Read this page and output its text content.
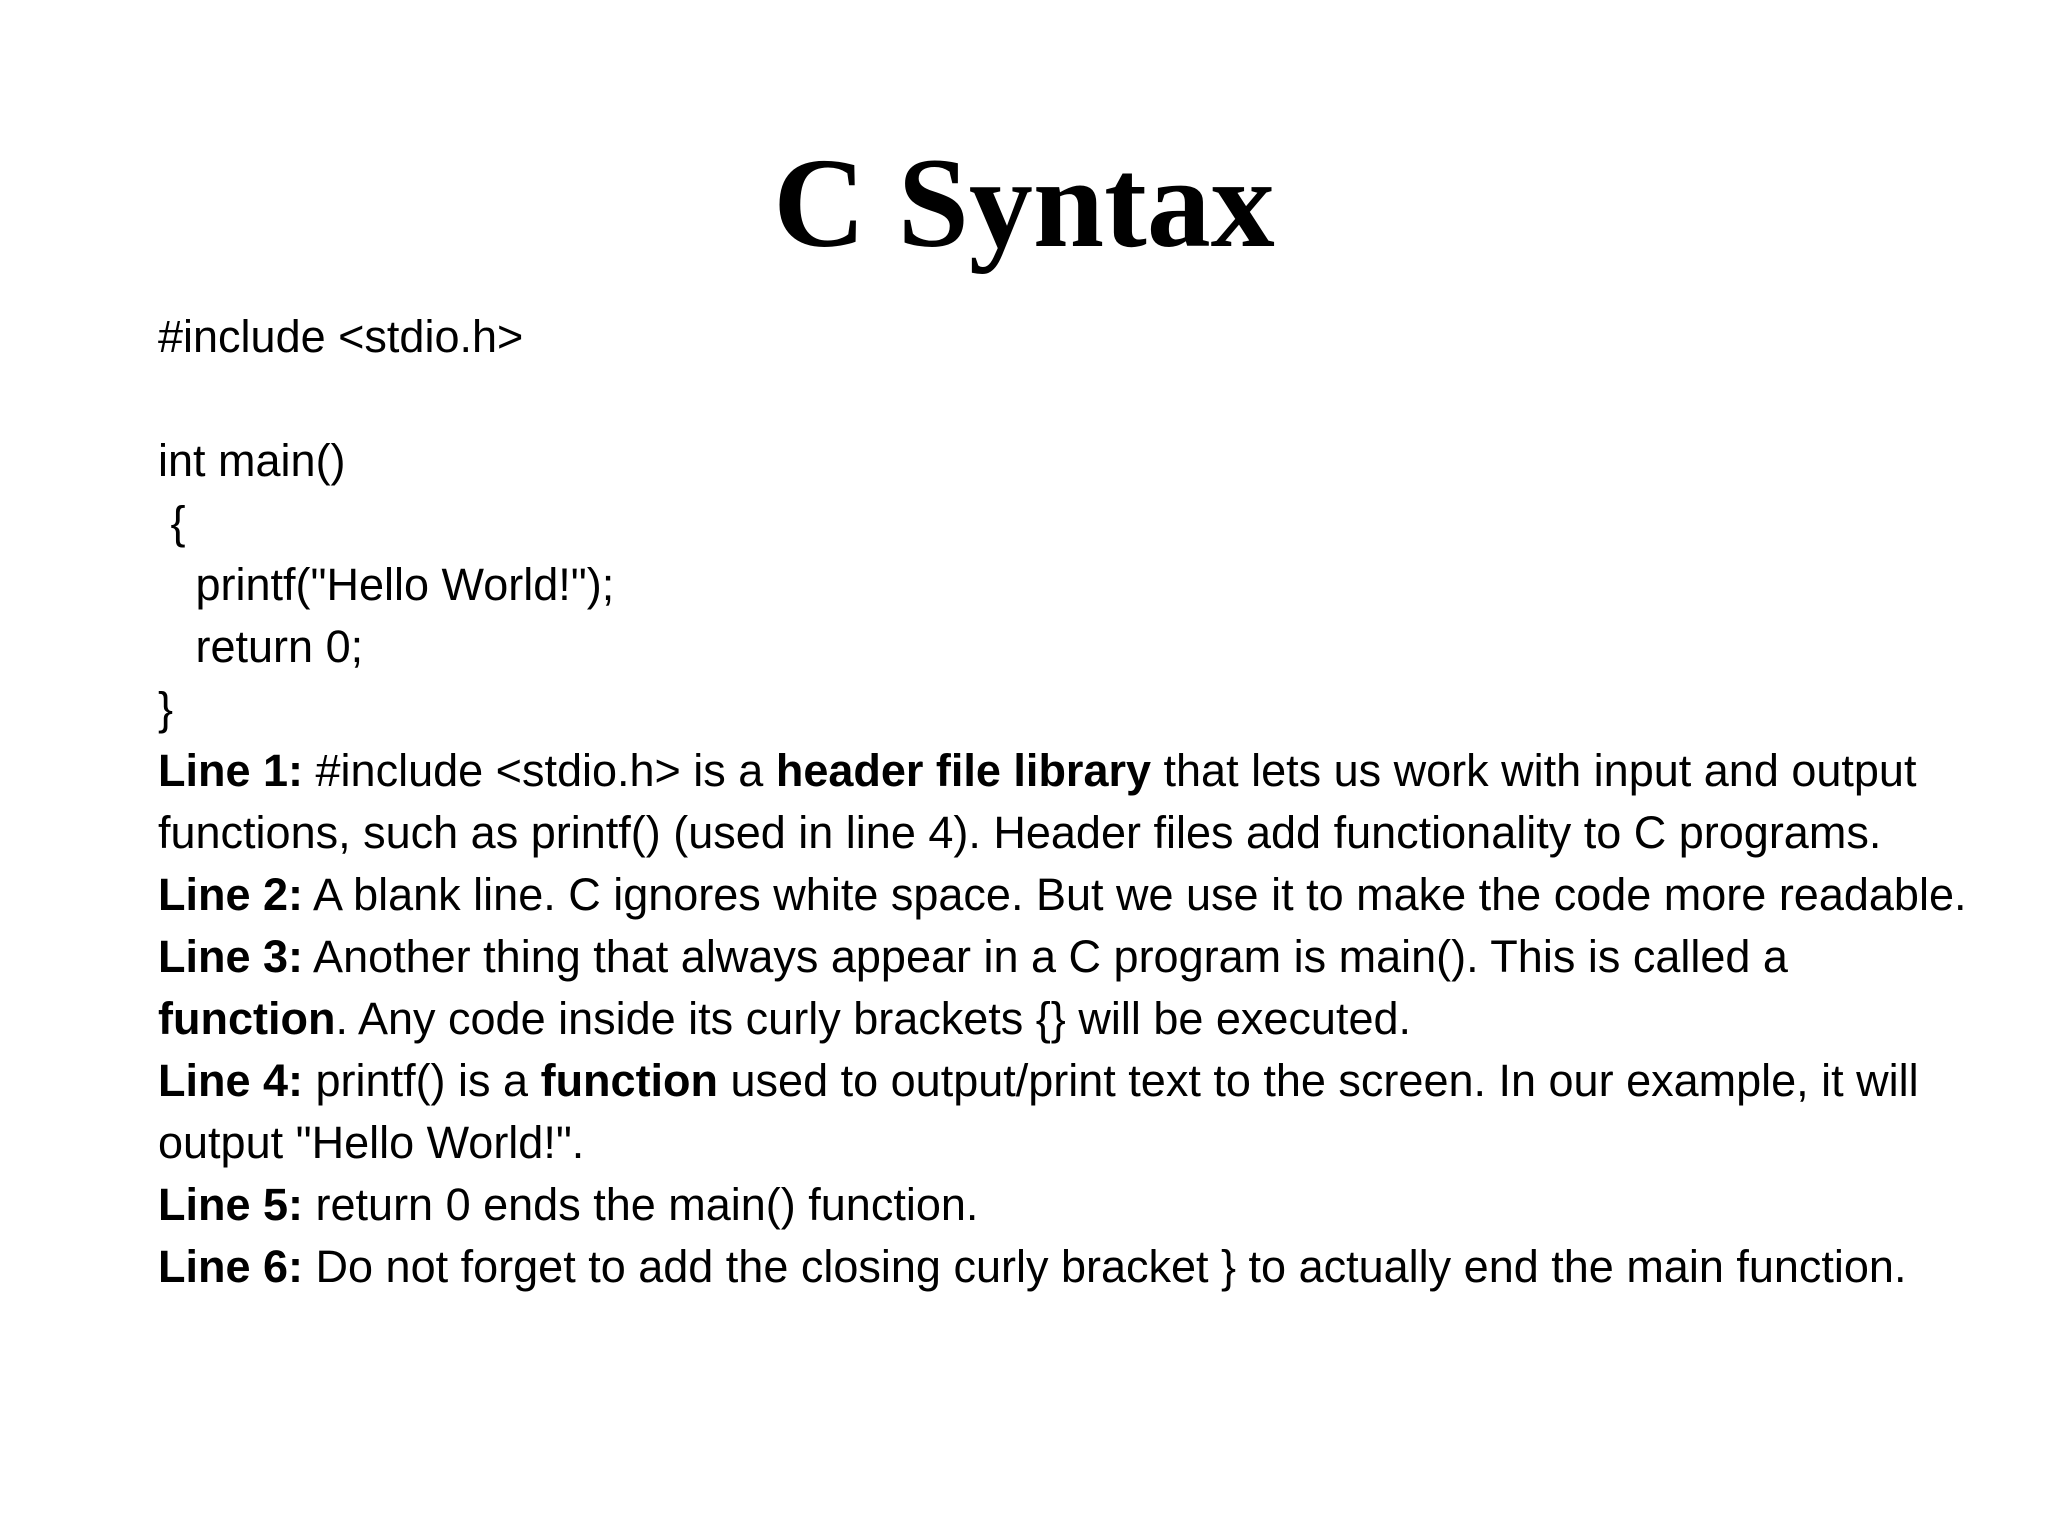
C Syntax
#include <stdio.h>
int main()
{
printf("Hello World!");
return 0;
}
Line 1: #include <stdio.h> is a header file library that lets us work with input and output functions, such as printf() (used in line 4). Header files add functionality to C programs.
Line 2: A blank line. C ignores white space. But we use it to make the code more readable.
Line 3: Another thing that always appear in a C program is main(). This is called a function. Any code inside its curly brackets {} will be executed.
Line 4: printf() is a function used to output/print text to the screen. In our example, it will output "Hello World!".
Line 5: return 0 ends the main() function.
Line 6: Do not forget to add the closing curly bracket } to actually end the main function.
